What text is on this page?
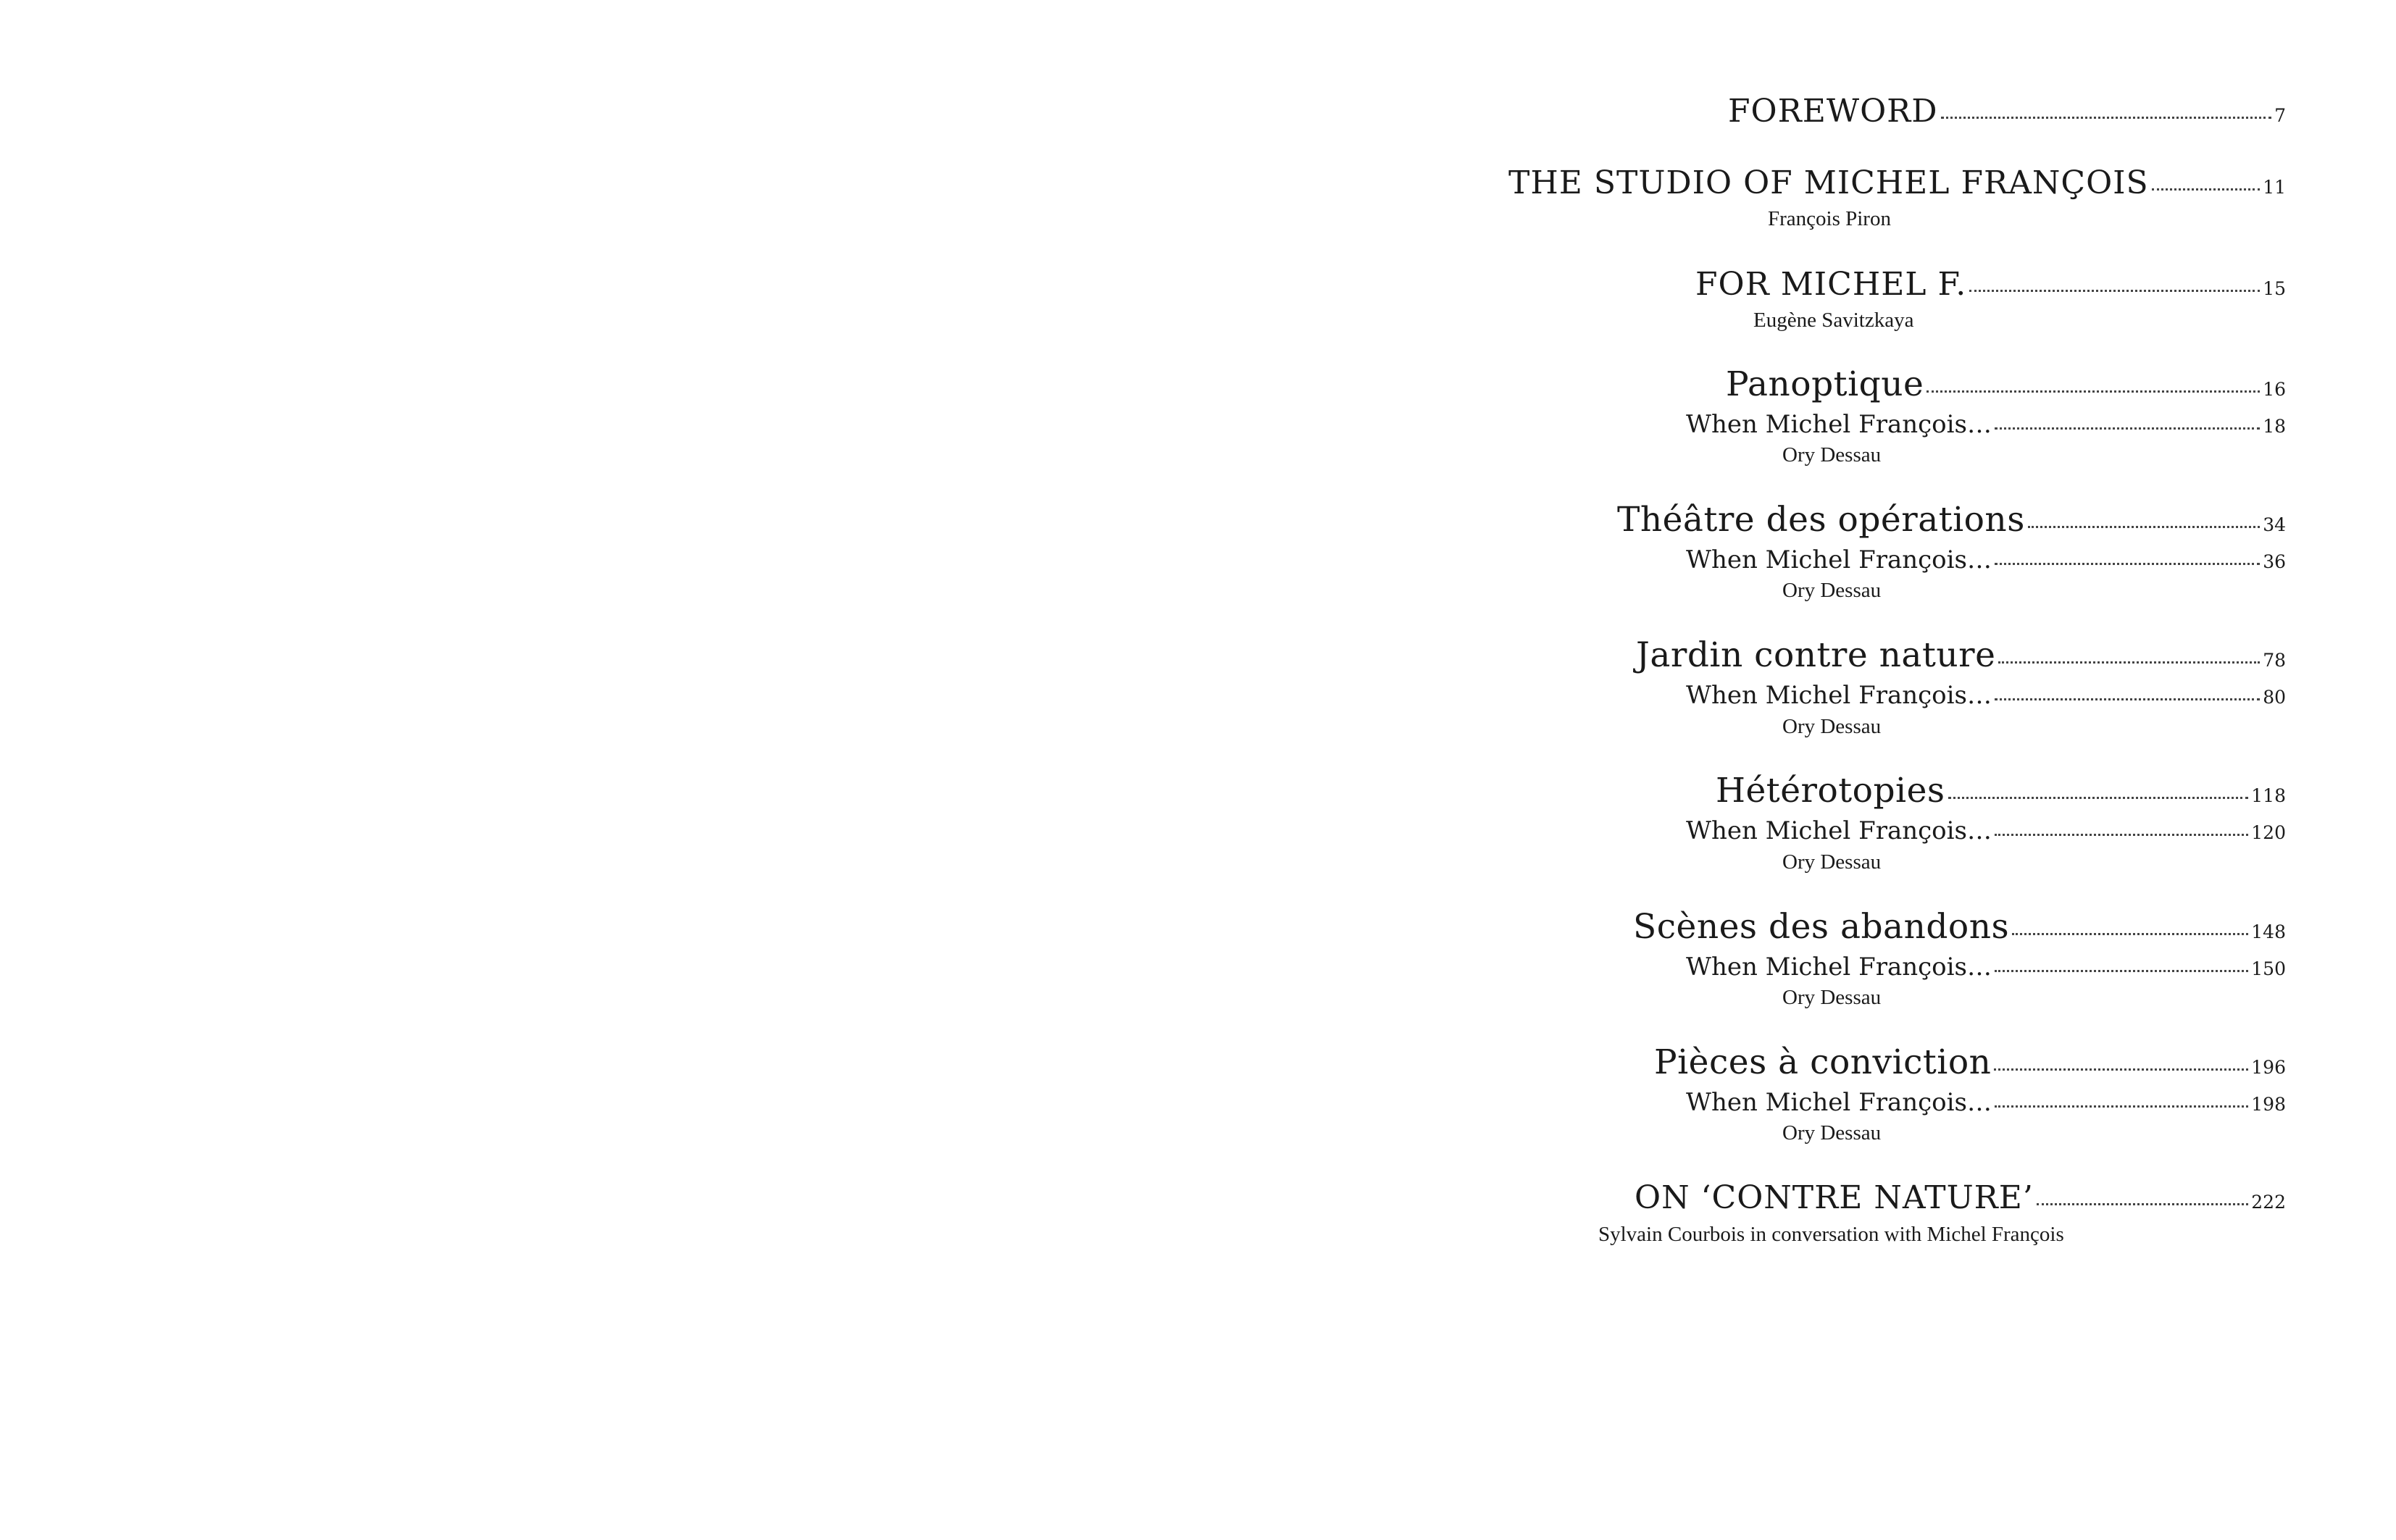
FOREWORD	7
THE STUDIO OF MICHEL FRANÇOIS	11
François Piron
FOR MICHEL F.	15
Eugène Savitzkaya
Panoptique	16
When Michel François…	18
Ory Dessau
Théâtre des opérations	34
When Michel François…	36
Ory Dessau
Jardin contre nature	78
When Michel François…	80
Ory Dessau
Hétérotopies	118
When Michel François…	120
Ory Dessau
Scènes des abandons	148
When Michel François…	150
Ory Dessau
Pièces à conviction	196
When Michel François…	198
Ory Dessau
ON ‘CONTRE NATURE’	222
Sylvain Courbois in conversation with Michel François
